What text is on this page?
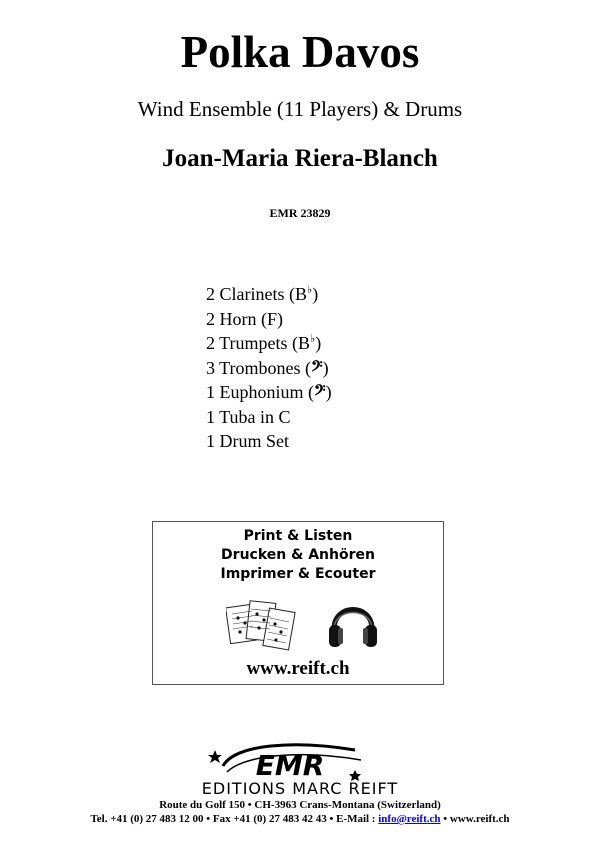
Polka Davos
Wind Ensemble (11 Players) & Drums
Joan-Maria Riera-Blanch
EMR 23829
2 Clarinets (B♭)
2 Horn (F)
2 Trumpets (B♭)
3 Trombones (𝄢)
1 Euphonium (𝄢)
1 Tuba in C
1 Drum Set
Print & Listen
Drucken & Anhören
Imprimer & Ecouter
www.reift.ch
EMR
EDITIONS MARC REIFT
Route du Golf 150 • CH-3963 Crans-Montana (Switzerland)
Tel. +41 (0) 27 483 12 00 • Fax +41 (0) 27 483 42 43 • E-Mail : info@reift.ch • www.reift.ch
